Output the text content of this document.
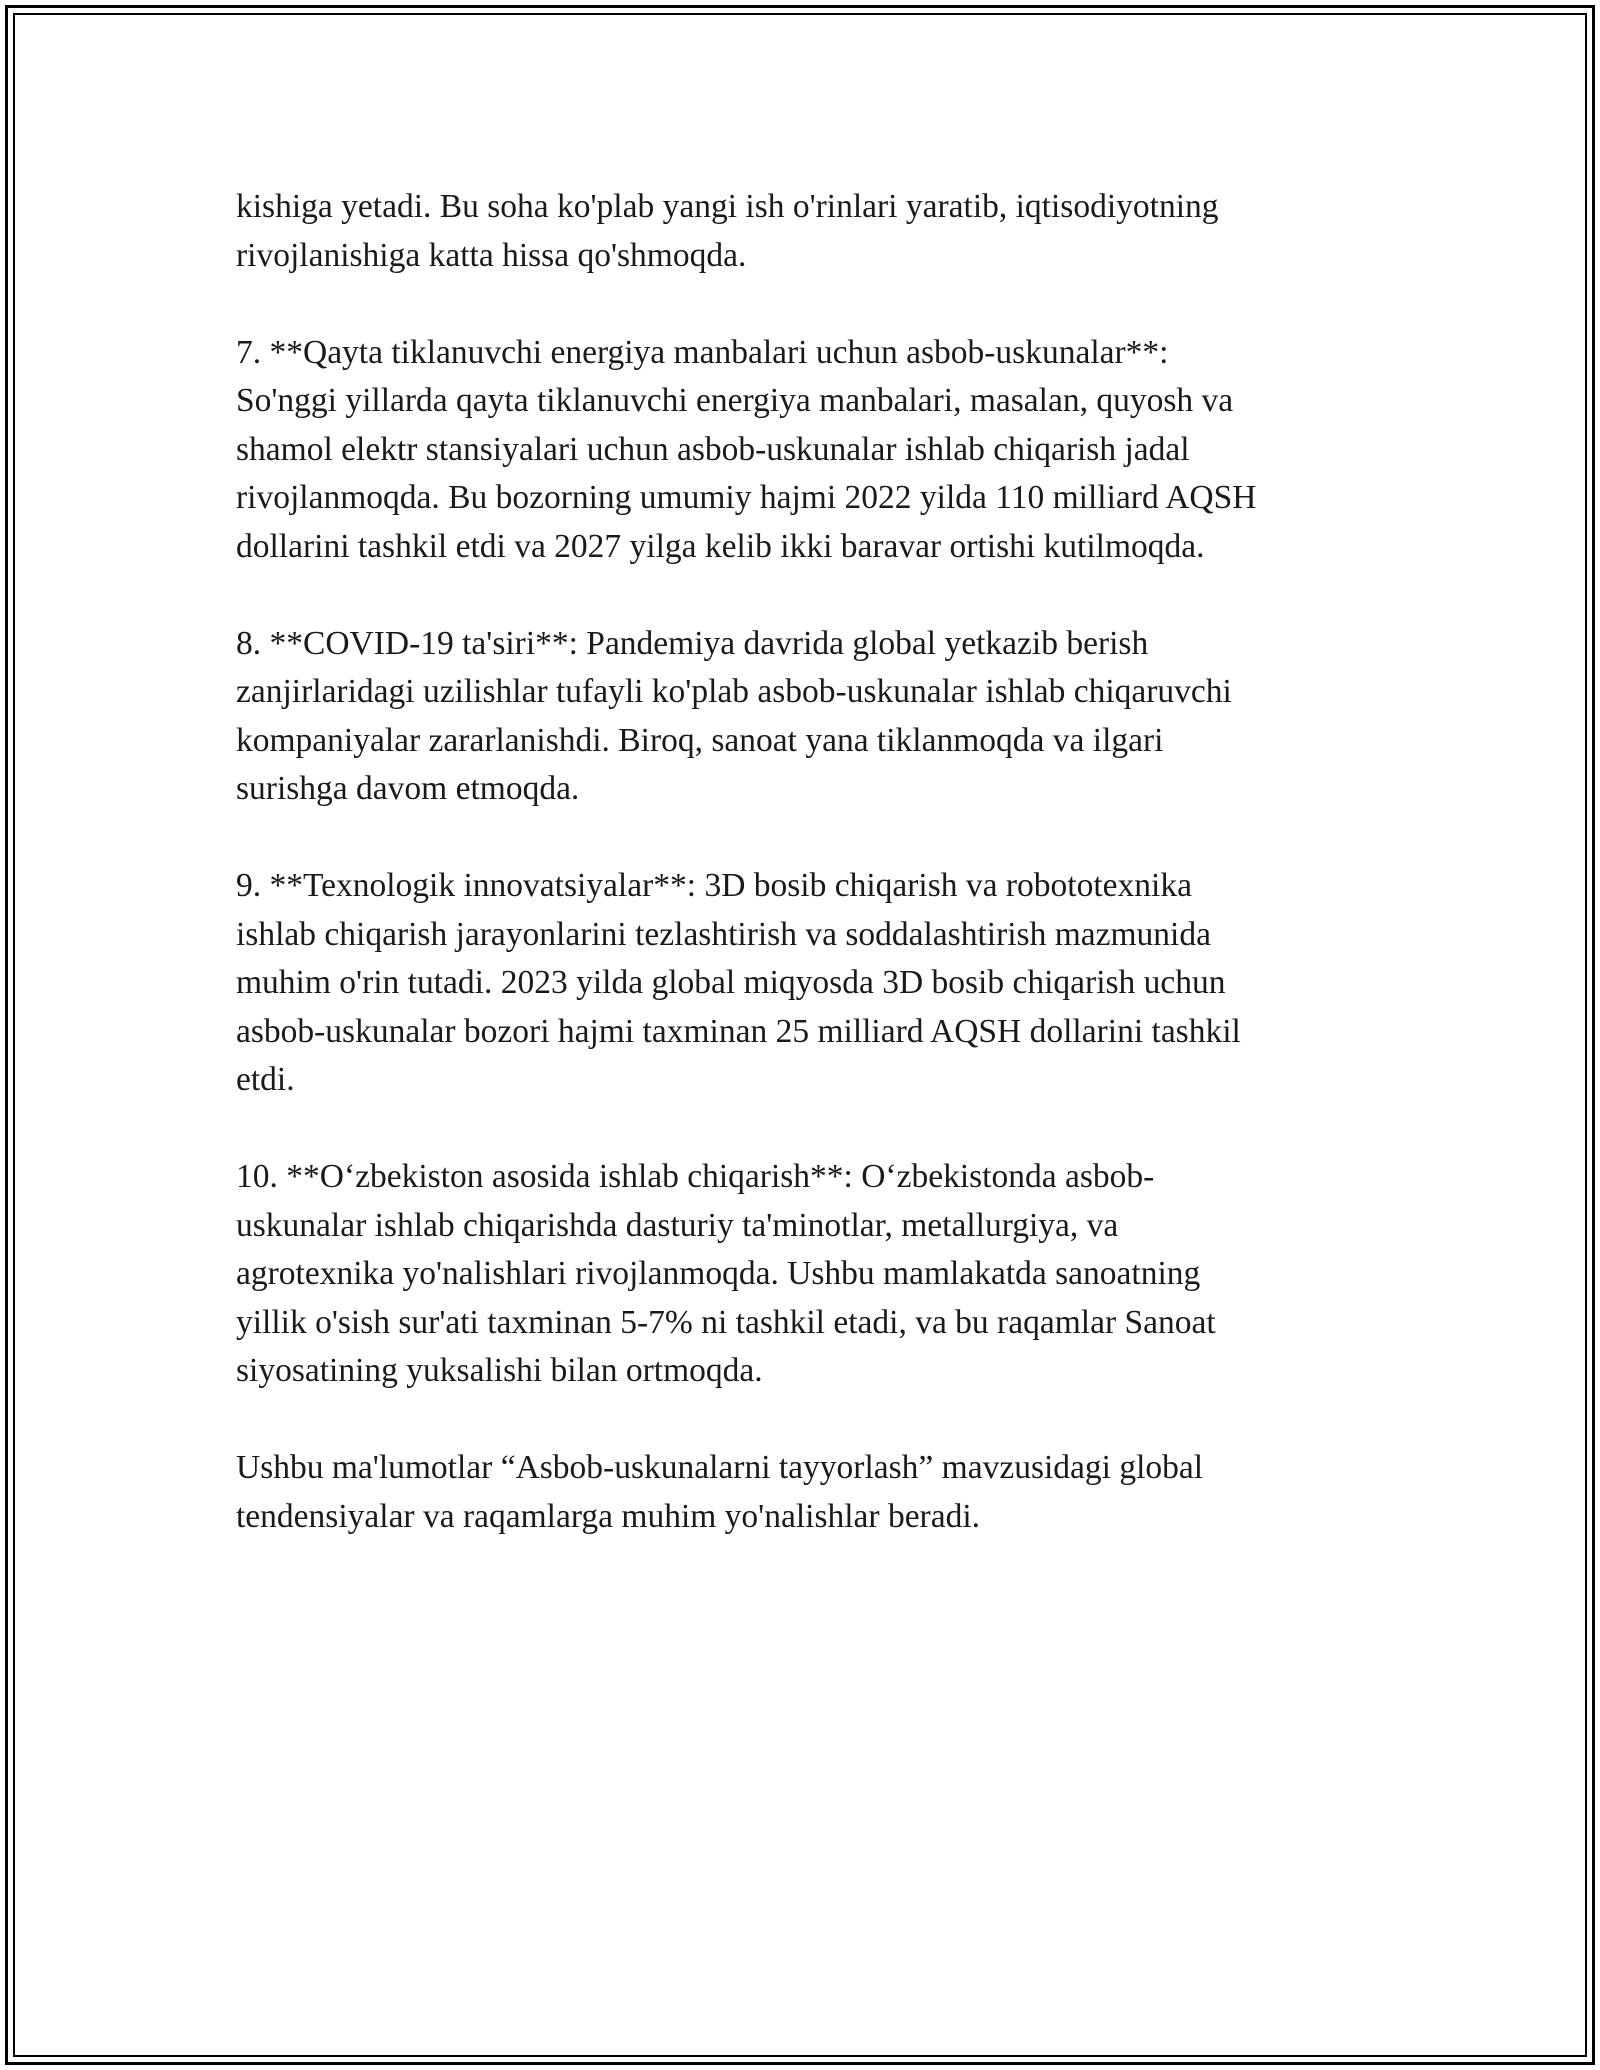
kishiga yetadi. Bu soha ko'plab yangi ish o'rinlari yaratib, iqtisodiyotning
rivojlanishiga katta hissa qo'shmoqda.

7. **Qayta tiklanuvchi energiya manbalari uchun asbob-uskunalar**:
So'nggi yillarda qayta tiklanuvchi energiya manbalari, masalan, quyosh va
shamol elektr stansiyalari uchun asbob-uskunalar ishlab chiqarish jadal
rivojlanmoqda. Bu bozorning umumiy hajmi 2022 yilda 110 milliard AQSH
dollarini tashkil etdi va 2027 yilga kelib ikki baravar ortishi kutilmoqda.

8. **COVID-19 ta'siri**: Pandemiya davrida global yetkazib berish
zanjirlaridagi uzilishlar tufayli ko'plab asbob-uskunalar ishlab chiqaruvchi
kompaniyalar zararlanishdi. Biroq, sanoat yana tiklanmoqda va ilgari
surishga davom etmoqda.

9. **Texnologik innovatsiyalar**: 3D bosib chiqarish va robototexnika
ishlab chiqarish jarayonlarini tezlashtirish va soddalashtirish mazmunida
muhim o'rin tutadi. 2023 yilda global miqyosda 3D bosib chiqarish uchun
asbob-uskunalar bozori hajmi taxminan 25 milliard AQSH dollarini tashkil
etdi.

10. **O‘zbekiston asosida ishlab chiqarish**: O‘zbekistonda asbob-
uskunalar ishlab chiqarishda dasturiy ta'minotlar, metallurgiya, va
agrotexnika yo'nalishlari rivojlanmoqda. Ushbu mamlakatda sanoatning
yillik o'sish sur'ati taxminan 5-7% ni tashkil etadi, va bu raqamlar Sanoat
siyosatining yuksalishi bilan ortmoqda.

Ushbu ma'lumotlar “Asbob-uskunalarni tayyorlash” mavzusidagi global
tendensiyalar va raqamlarga muhim yo'nalishlar beradi.
